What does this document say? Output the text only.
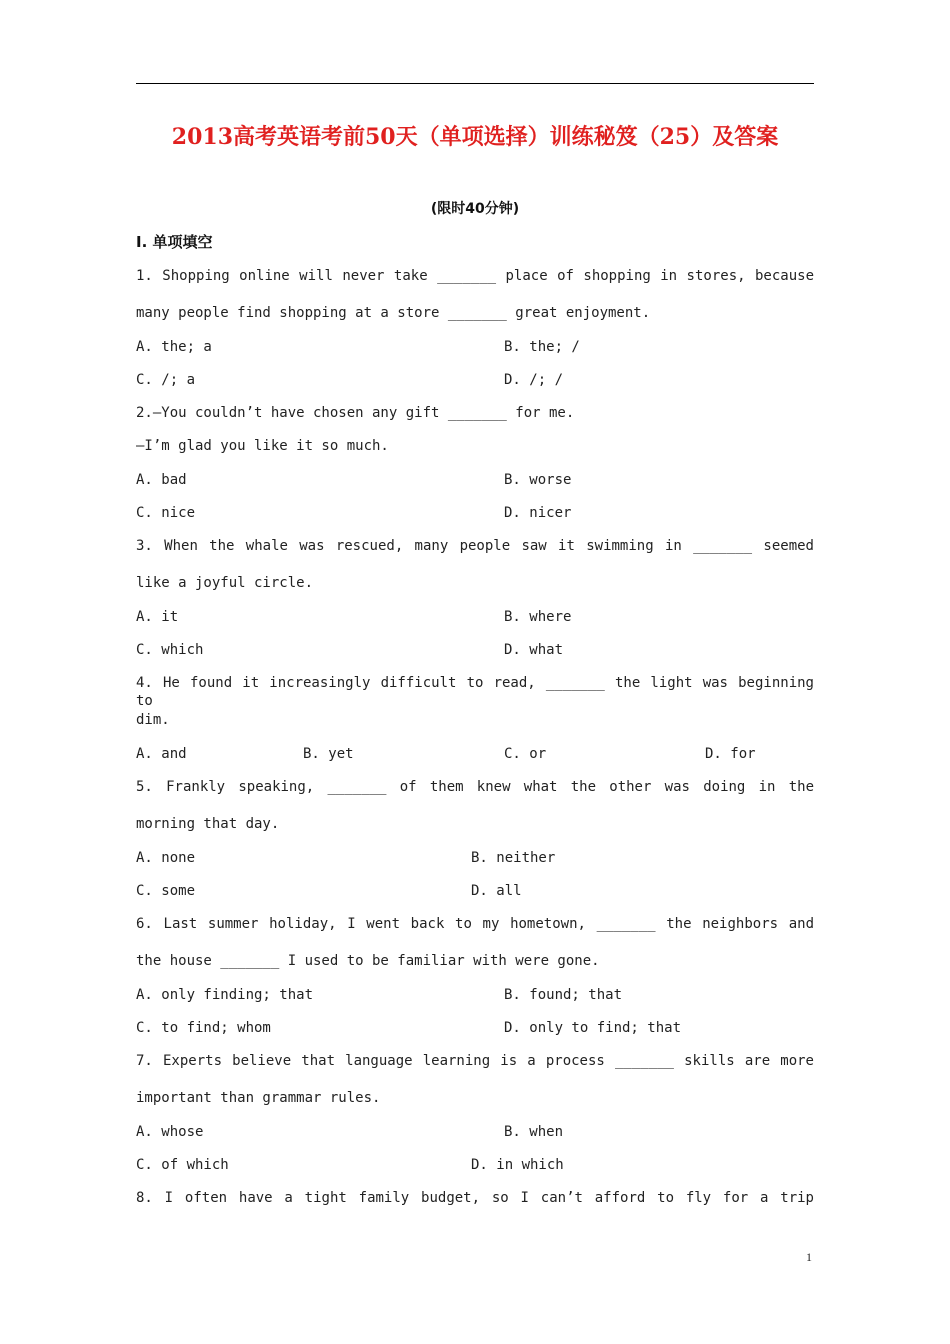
2013高考英语考前50天（单项选择）训练秘笈（25）及答案
(限时40分钟)
Ⅰ. 单项填空
1. Shopping online will never take _______ place of shopping in stores, because
many people find shopping at a store _______ great enjoyment.
A. the; a	B. the; /
C. /; a	D. /; /
2.—You couldn’t have chosen any gift _______ for me.
—I’m glad you like it so much.
A. bad	B. worse
C. nice	D. nicer
3. When the whale was rescued, many people saw it swimming in _______ seemed
like a joyful circle.
A. it	B. where
C. which	D. what
4. He found it increasingly difficult to read, _______ the light was beginning to
dim.
A. and	B. yet	C. or	D. for
5. Frankly speaking, _______ of them knew what the other was doing in the
morning that day.
A. none	B. neither
C. some	D. all
6. Last summer holiday, I went back to my hometown, _______ the neighbors and
the house _______ I used to be familiar with were gone.
A. only finding; that	B. found; that
C. to find; whom	D. only to find; that
7. Experts believe that language learning is a process _______ skills are more
important than grammar rules.
A. whose	B. when
C. of which	D. in which
8. I often have a tight family budget, so I can’t afford to fly for a trip
1
